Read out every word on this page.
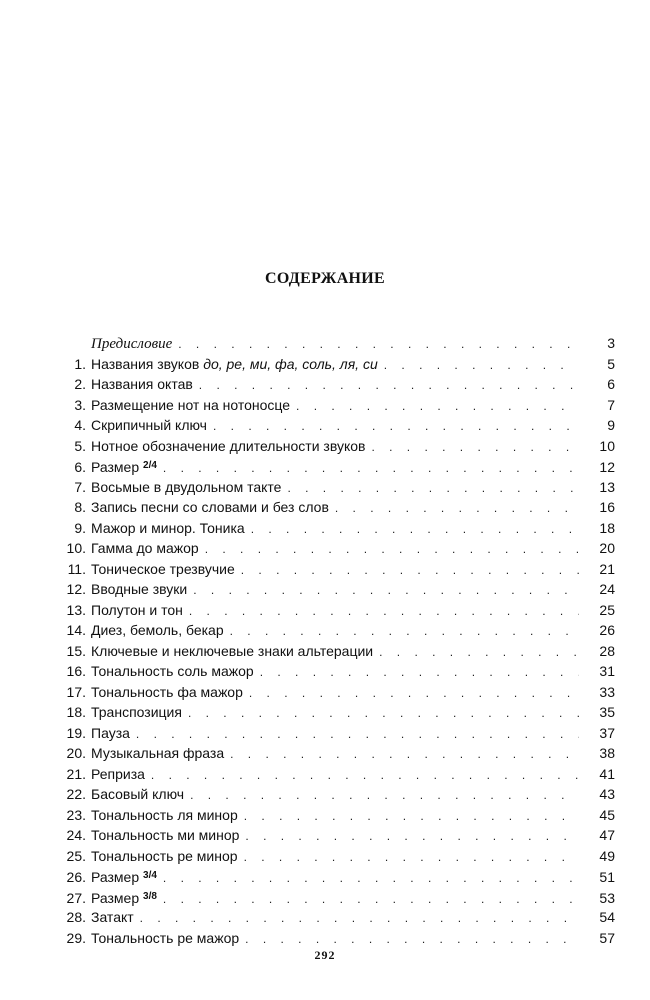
СОДЕРЖАНИЕ
Предисловие . . .	3
1. Названия звуков до, ре, ми, фа, соль, ля, си . . .	5
2. Названия октав . . .	6
3. Размещение нот на нотоносце . . .	7
4. Скрипичный ключ . . .	9
5. Нотное обозначение длительности звуков . . .	10
6. Размер $^{2/4}$ . . .	12
7. Восьмые в двудольном такте . . .	13
8. Запись песни со словами и без слов . . .	16
9. Мажор и минор. Тоника . . .	18
10. Гамма до мажор . . .	20
11. Тоническое трезвучие . . .	21
12. Вводные звуки . . .	24
13. Полутон и тон . . .	25
14. Диез, бемоль, бекар . . .	26
15. Ключевые и неключевые знаки альтерации . . .	28
16. Тональность соль мажор . . .	31
17. Тональность фа мажор . . .	33
18. Транспозиция . . .	35
19. Пауза . . .	37
20. Музыкальная фраза . . .	38
21. Реприза . . .	41
22. Басовый ключ . . .	43
23. Тональность ля минор . . .	45
24. Тональность ми минор . . .	47
25. Тональность ре минор . . .	49
26. Размер $^{3/4}$ . . .	51
27. Размер $^{3/8}$ . . .	53
28. Затакт . . .	54
29. Тональность ре мажор . . .	57
292
